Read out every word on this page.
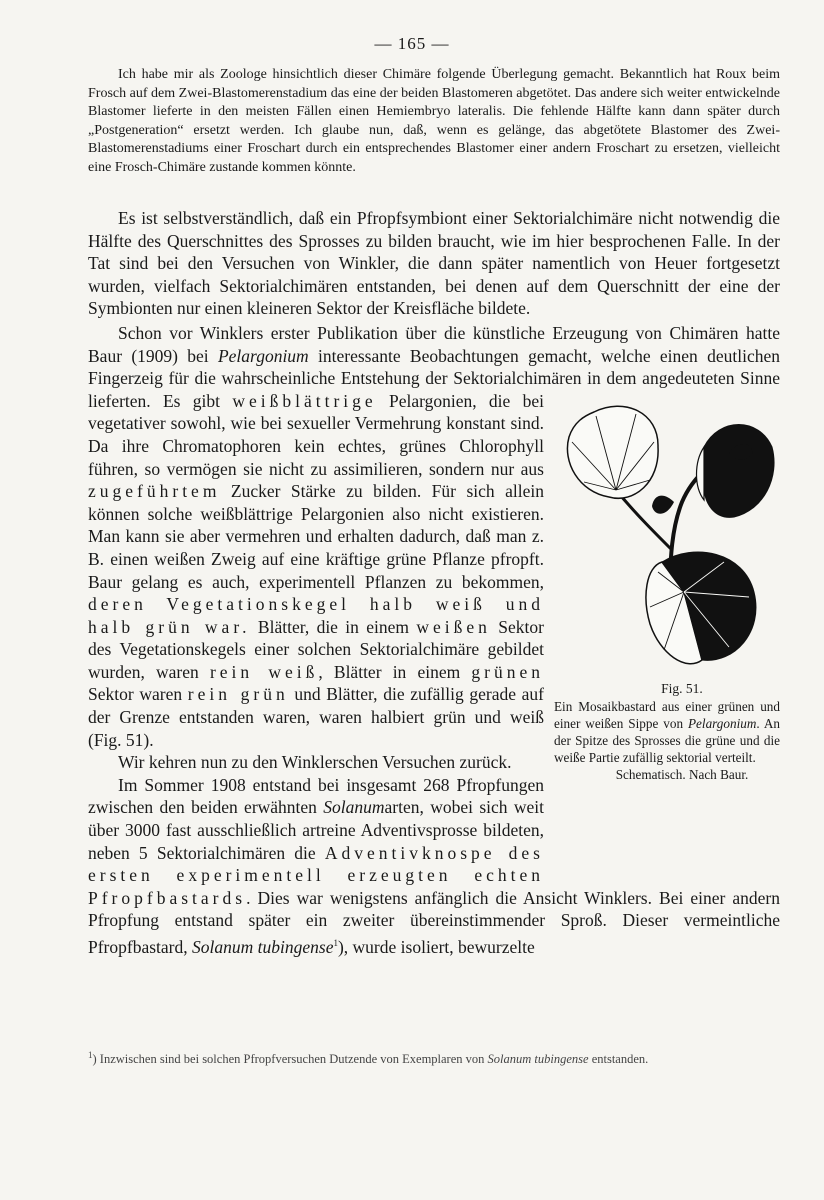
— 165 —

Ich habe mir als Zoologe hinsichtlich dieser Chimäre folgende Überlegung gemacht. Bekanntlich hat Roux beim Frosch auf dem Zwei-Blastomerenstadium das eine der beiden Blastomeren abgetötet. Das andere sich weiter entwickelnde Blastomer lieferte in den meisten Fällen einen Hemiembryo lateralis. Die fehlende Hälfte kann dann später durch „Postgeneration“ ersetzt werden. Ich glaube nun, daß, wenn es gelänge, das abgetötete Blastomer des Zwei-Blastomerenstadiums einer Froschart durch ein entsprechendes Blastomer einer andern Froschart zu ersetzen, vielleicht eine Frosch-Chimäre zustande kommen könnte.

Es ist selbstverständlich, daß ein Pfropfsymbiont einer Sektorialchimäre nicht notwendig die Hälfte des Querschnittes des Sprosses zu bilden braucht, wie im hier besprochenen Falle. In der Tat sind bei den Versuchen von Winkler, die dann später namentlich von Heuer fortgesetzt wurden, vielfach Sektorialchimären entstanden, bei denen auf dem Querschnitt der eine der Symbionten nur einen kleineren Sektor der Kreisfläche bildete.

Schon vor Winklers erster Publikation über die künstliche Erzeugung von Chimären hatte Baur (1909) bei Pelargonium interessante Beobachtungen gemacht, welche einen deutlichen Fingerzeig für die wahrscheinliche Entstehung der Sektorialchimären in dem angedeuteten Sinne lieferten. Es gibt
Fig. 51.
Ein Mosaikbastard aus einer grünen und einer weißen Sippe von Pelargonium. An der Spitze des Sprosses die grüne und die weiße Partie zufällig sektorial verteilt.
Schematisch. Nach Baur.
weißblättrige Pelargonien, die bei vegetativer sowohl, wie bei sexueller Vermehrung konstant sind. Da ihre Chromatophoren kein echtes, grünes Chlorophyll führen, so vermögen sie nicht zu assimilieren, sondern nur aus zugeführtem Zucker Stärke zu bilden. Für sich allein können solche weißblättrige Pelargonien also nicht existieren. Man kann sie aber vermehren und erhalten dadurch, daß man z. B. einen weißen Zweig auf eine kräftige grüne Pflanze pfropft. Baur gelang es auch, experimentell Pflanzen zu bekommen, deren Vegetationskegel halb weiß und halb grün war. Blätter, die in einem weißen Sektor des Vegetationskegels einer solchen Sektorialchimäre gebildet wurden, waren rein weiß, Blätter in einem grünen Sektor waren rein grün und Blätter, die zufällig gerade auf der Grenze entstanden waren, waren halbiert grün und weiß (Fig. 51).

Wir kehren nun zu den Winklerschen Versuchen zurück.

Im Sommer 1908 entstand bei insgesamt 268 Pfropfungen zwischen den beiden erwähnten Solanumarten, wobei sich weit über 3000 fast ausschließlich artreine Adventivsprosse bildeten, neben 5 Sektorialchimären die Adventivknospe des ersten experimentell erzeugten echten Pfropfbastards. Dies war wenigstens anfänglich die Ansicht Winklers. Bei einer andern Pfropfung entstand später ein zweiter übereinstimmender Sproß. Dieser vermeintliche Pfropfbastard, Solanum tubingense$^1$), wurde isoliert, bewurzelte

$^1$) Inzwischen sind bei solchen Pfropfversuchen Dutzende von Exemplaren von Solanum tubingense entstanden.
